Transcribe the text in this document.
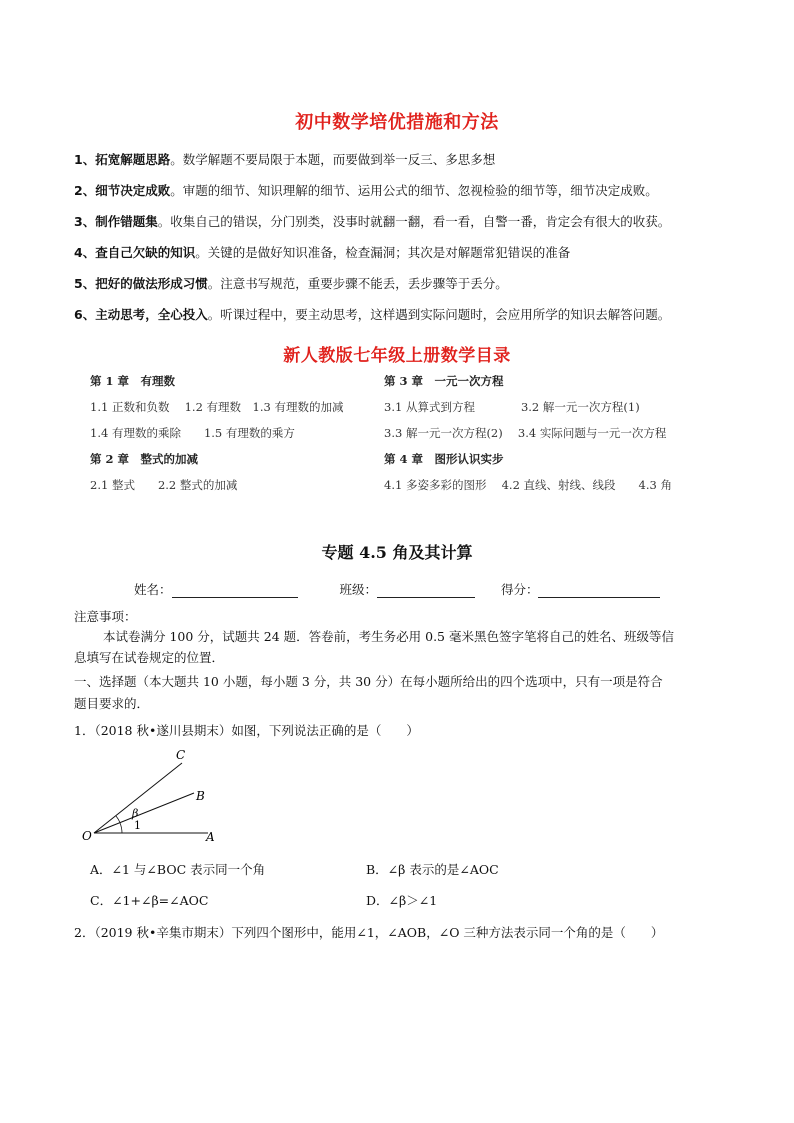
初中数学培优措施和方法
1、拓宽解题思路。数学解题不要局限于本题，而要做到举一反三、多思多想
2、细节决定成败。审题的细节、知识理解的细节、运用公式的细节、忽视检验的细节等，细节决定成败。
3、制作错题集。收集自己的错误，分门别类，没事时就翻一翻，看一看，自警一番，肯定会有很大的收获。
4、查自己欠缺的知识。关键的是做好知识准备，检查漏洞；其次是对解题常犯错误的准备
5、把好的做法形成习惯。注意书写规范，重要步骤不能丢，丢步骤等于丢分。
6、主动思考，全心投入。听课过程中，要主动思考，这样遇到实际问题时，会应用所学的知识去解答问题。
新人教版七年级上册数学目录
第 1 章　有理数
1.1 正数和负数　 1.2 有理数　1.3 有理数的加减
1.4 有理数的乘除　　1.5 有理数的乘方
第 2 章　整式的加减
2.1 整式　　2.2 整式的加减
第 3 章　一元一次方程
3.1 从算式到方程　　　　3.2 解一元一次方程(1)
3.3 解一元一次方程(2)　 3.4 实际问题与一元一次方程
第 4 章　图形认识实步
4.1 多姿多彩的图形　 4.2 直线、射线、线段　　4.3 角
专题 4.5 角及其计算
姓名：	班级：	得分：
注意事项：
本试卷满分 100 分，试题共 24 题．答卷前，考生务必用 0.5 毫米黑色签字笔将自己的姓名、班级等信
息填写在试卷规定的位置．
一、选择题（本大题共 10 小题，每小题 3 分，共 30 分）在每小题所给出的四个选项中，只有一项是符合
题目要求的．
1．（2018 秋•遂川县期末）如图，下列说法正确的是（　　）
C
B
O	A
β
1
A．∠1 与∠BOC 表示同一个角	B．∠β 表示的是∠AOC
C．∠1+∠β=∠AOC	D．∠β＞∠1
2．（2019 秋•辛集市期末）下列四个图形中，能用∠1，∠AOB，∠O 三种方法表示同一个角的是（　　）
